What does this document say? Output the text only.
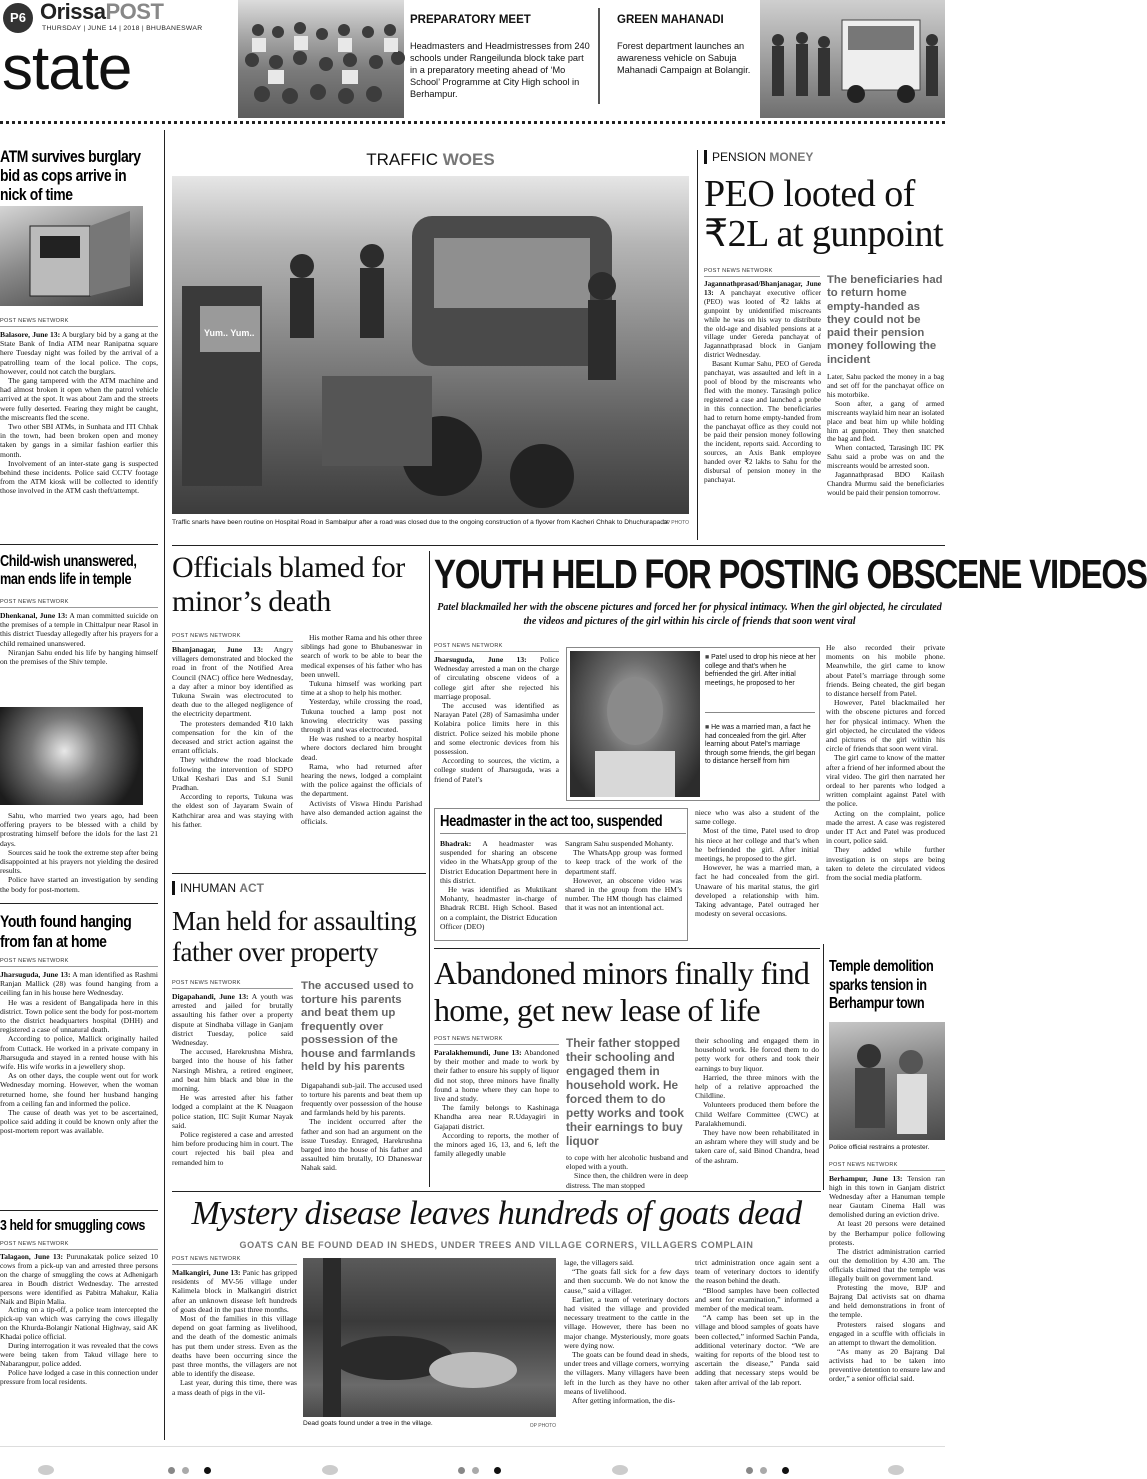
P6 OrissaPOST
THURSDAY | JUNE 14 | 2018 | BHUBANESWAR
state
PREPARATORY MEET
Headmasters and Headmistresses from 240 schools under Rangeilunda block take part in a preparatory meeting ahead of ‘Mo School’ Programme at City High school in Berhampur.
GREEN MAHANADI
Forest department launches an awareness vehicle on Sabuja Mahanadi Campaign at Bolangir.
ATM survives burglary bid as cops arrive in nick of time
POST NEWS NETWORK

Balasore, June 13: A burglary bid by a gang at the State Bank of India ATM near Ranipatna square here Tuesday night was foiled by the arrival of a patrolling team of the local police. The cops, however, could not catch the burglars.

The gang tampered with the ATM machine and had almost broken it open when the patrol vehicle arrived at the spot. It was about 2am and the streets were fully deserted. Fearing they might be caught, the miscreants fled the scene.

Two other SBI ATMs, in Sunhata and ITI Chhak in the town, had been broken open and money taken by gangs in a similar fashion earlier this month.

Involvement of an inter-state gang is suspected behind these incidents. Police said CCTV footage from the ATM kiosk will be collected to identify those involved in the ATM cash theft/attempt.

Child-wish unanswered, man ends life in temple
POST NEWS NETWORK

Dhenkanal, June 13: A man committed suicide on the premises of a temple in Chittalpur near Rasol in this district Tuesday allegedly after his prayers for a child remained unanswered.

Niranjan Sahu ended his life by hanging himself on the premises of the Shiv temple.

Sahu, who married two years ago, had been offering prayers to be blessed with a child by prostrating himself before the idols for the last 21 days.

Sources said he took the extreme step after being disappointed at his prayers not yielding the desired results.

Police have started an investigation by sending the body for post-mortem.

Youth found hanging from fan at home
POST NEWS NETWORK

Jharsuguda, June 13: A man identified as Rashmi Ranjan Mallick (28) was found hanging from a ceiling fan in his house here Wednesday.

He was a resident of Bangalipada here in this district. Town police sent the body for post-mortem to the district headquarters hospital (DHH) and registered a case of unnatural death.

According to police, Mallick originally hailed from Cuttack. He worked in a private company in Jharsuguda and stayed in a rented house with his wife. His wife works in a jewellery shop.

As on other days, the couple went out for work Wednesday morning. However, when the woman returned home, she found her husband hanging from a ceiling fan and informed the police.

The cause of death was yet to be ascertained, police said adding it could be known only after the post-mortem report was available.

3 held for smuggling cows
POST NEWS NETWORK

Talagaon, June 13: Purunakatak police seized 10 cows from a pick-up van and arrested three persons on the charge of smuggling the cows at Adhenigarh area in Boudh district Wednesday. The arrested persons were identified as Pabitra Mahakur, Kalia Naik and Bipin Malia.

Acting on a tip-off, a police team intercepted the pick-up van which was carrying the cows illegally on the Khurda-Bolangir National Highway, said AK Khadai police official.

During interrogation it was revealed that the cows were being taken from Takud village here to Nabarangpur, police added.

Police have lodged a case in this connection under pressure from local residents.

TRAFFIC WOES
Yum.. Yum..
Traffic snarls have been routine on Hospital Road in Sambalpur after a road was closed due to the ongoing construction of a flyover from Kacheri Chhak to Dhuchurapada.
OP PHOTO
PENSION MONEY
PEO looted of
₹2L at gunpoint
POST NEWS NETWORK

Jagannathprasad/Bhanjanagar, June 13: A panchayat executive officer (PEO) was looted of ₹2 lakhs at gunpoint by unidentified miscreants while he was on his way to distribute the old-age and disabled pensions at a village under Gereda panchayat of Jagannathprasad block in Ganjam district Wednesday.

Basant Kumar Sahu, PEO of Gereda panchayat, was assaulted and left in a pool of blood by the miscreants who fled with the money. Tarasingh police registered a case and launched a probe in this connection. The beneficiaries had to return home empty-handed from the panchayat office as they could not be paid their pension money following the incident, reports said. According to sources, an Axis Bank employee handed over ₹2 lakhs to Sahu for the disbursal of pension money in the panchayat.

The beneficiaries had to return home empty-handed as they could not be paid their pension money following the incident

Later, Sahu packed the money in a bag and set off for the panchayat office on his motorbike.

Soon after, a gang of armed miscreants waylaid him near an isolated place and beat him up while holding him at gunpoint. They then snatched the bag and fled.

When contacted, Tarasingh IIC PK Sahu said a probe was on and the miscreants would be arrested soon.

Jagannathprasad BDO Kailash Chandra Murmu said the beneficiaries would be paid their pension tomorrow.

Officials blamed for minor’s death
POST NEWS NETWORK

Bhanjanagar, June 13: Angry villagers demonstrated and blocked the road in front of the Notified Area Council (NAC) office here Wednesday, a day after a minor boy identified as Tukuna Swain was electrocuted to death due to the alleged negligence of the electricity department.

The protesters demanded ₹10 lakh compensation for the kin of the deceased and strict action against the errant officials.

They withdrew the road blockade following the intervention of SDPO Utkal Keshari Das and S.I Sunil Pradhan.

According to reports, Tukuna was the eldest son of Jayaram Swain of Kathchirar area and was staying with his father.

His mother Rama and his other three siblings had gone to Bhubaneswar in search of work to be able to bear the medical expenses of his father who has been unwell.

Tukuna himself was working part time at a shop to help his mother.

Yesterday, while crossing the road, Tukuna touched a lamp post not knowing electricity was passing through it and was electrocuted.

He was rushed to a nearby hospital where doctors declared him brought dead.

Rama, who had returned after hearing the news, lodged a complaint with the police against the officials of the department.

Activists of Viswa Hindu Parishad have also demanded action against the officials.

INHUMAN ACT
Man held for assaulting father over property
POST NEWS NETWORK

Digapahandi, June 13: A youth was arrested and jailed for brutally assaulting his father over a property dispute at Sindhaba village in Ganjam district Tuesday, police said Wednesday.

The accused, Harekrushna Mishra, barged into the house of his father Narsingh Mishra, a retired engineer, and beat him black and blue in the morning.

He was arrested after his father lodged a complaint at the K Nuagaon police station, IIC Sujit Kumar Nayak said.

Police registered a case and arrested him before producing him in court. The court rejected his bail plea and remanded him to

The accused used to torture his parents and beat them up frequently over possession of the house and farmlands held by his parents

Digapahandi sub-jail. The accused used to torture his parents and beat them up frequently over possession of the house and farmlands held by his parents.

The incident occurred after the father and son had an argument on the issue Tuesday. Enraged, Harekrushna barged into the house of his father and assaulted him brutally, IO Dhaneswar Nahak said.

YOUTH HELD FOR POSTING OBSCENE VIDEOS
Patel blackmailed her with the obscene pictures and forced her for physical intimacy. When the girl objected, he circulated the videos and pictures of the girl within his circle of friends that soon went viral
POST NEWS NETWORK

Jharsuguda, June 13: Police Wednesday arrested a man on the charge of circulating obscene videos of a college girl after she rejected his marriage proposal.

The accused was identified as Narayan Patel (28) of Samasimha under Kolabira police limits here in this district. Police seized his mobile phone and some electronic devices from his possession.

According to sources, the victim, a college student of Jharsuguda, was a friend of Patel’s

■ Patel used to drop his niece at her college and that’s when he befriended the girl. After initial meetings, he proposed to her
■ He was a married man, a fact he had concealed from the girl. After learning about Patel’s marriage through some friends, the girl began to distance herself from him

niece who was also a student of the same college.

Most of the time, Patel used to drop his niece at her college and that’s when he befriended the girl. After initial meetings, he proposed to the girl.

However, he was a married man, a fact he had concealed from the girl. Unaware of his marital status, the girl developed a relationship with him. Taking advantage, Patel outraged her modesty on several occasions.

He also recorded their private moments on his mobile phone. Meanwhile, the girl came to know about Patel’s marriage through some friends. Being cheated, the girl began to distance herself from Patel.

However, Patel blackmailed her with the obscene pictures and forced her for physical intimacy. When the girl objected, he circulated the videos and pictures of the girl within his circle of friends that soon went viral.

The girl came to know of the matter after a friend of her informed about the viral video. The girl then narrated her ordeal to her parents who lodged a written complaint against Patel with the police.

Acting on the complaint, police made the arrest. A case was registered under IT Act and Patel was produced in court, police said.

They added while further investigation is on steps are being taken to delete the circulated videos from the social media platform.

Headmaster in the act too, suspended

Bhadrak: A headmaster was suspended for sharing an obscene video in the WhatsApp group of the District Education Department here in this district.

He was identified as Muktikant Mohanty, headmaster in-charge of Bhadrak RCBL High School. Based on a complaint, the District Education Officer (DEO)

Sangram Sahu suspended Mohanty.

The WhatsApp group was formed to keep track of the work of the department staff.

However, an obscene video was shared in the group from the HM’s number. The HM though has claimed that it was not an intentional act.

Abandoned minors finally find home, get new lease of life
POST NEWS NETWORK

Paralakhemundi, June 13: Abandoned by their mother and made to work by their father to ensure his supply of liquor did not stop, three minors have finally found a home where they can hope to live and study.

The family belongs to Kashinaga Khandha area near R.Udayagiri in Gajapati district.

According to reports, the mother of the minors aged 16, 13, and 6, left the family allegedly unable

Their father stopped their schooling and engaged them in household work. He forced them to do petty works and took their earnings to buy liquor

to cope with her alcoholic husband and eloped with a youth.

Since then, the children were in deep distress. The man stopped

their schooling and engaged them in household work. He forced them to do petty work for others and took their earnings to buy liquor.

Harried, the three minors with the help of a relative approached the Childline.

Volunteers produced them before the Child Welfare Committee (CWC) at Paralakhemundi.

They have now been rehabilitated in an ashram where they will study and be taken care of, said Binod Chandra, head of the ashram.

Temple demolition sparks tension in Berhampur town
Police official restrains a protester.
POST NEWS NETWORK

Berhampur, June 13: Tension ran high in this town in Ganjam district Wednesday after a Hanuman temple near Gautam Cinema Hall was demolished during an eviction drive.

At least 20 persons were detained by the Berhampur police following protests.

The district administration carried out the demolition by 4.30 am. The officials claimed that the temple was illegally built on government land.

Protesting the move, BJP and Bajrang Dal activists sat on dharna and held demonstrations in front of the temple.

Protesters raised slogans and engaged in a scuffle with officials in an attempt to thwart the demolition.

“As many as 20 Bajrang Dal activists had to be taken into preventive detention to ensure law and order,” a senior official said.

Mystery disease leaves hundreds of goats dead
GOATS CAN BE FOUND DEAD IN SHEDS, UNDER TREES AND VILLAGE CORNERS, VILLAGERS COMPLAIN
POST NEWS NETWORK

Malkangiri, June 13: Panic has gripped residents of MV-56 village under Kalimela block in Malkangiri district after an unknown disease left hundreds of goats dead in the past three months.

Most of the families in this village depend on goat farming as livelihood, and the death of the domestic animals has put them under stress. Even as the deaths have been occurring since the past three months, the villagers are not able to identify the disease.

Last year, during this time, there was a mass death of pigs in the vil-

Dead goats found under a tree in the village.	OP PHOTO

lage, the villagers said.

“The goats fall sick for a few days and then succumb. We do not know the cause,” said a villager.

Earlier, a team of veterinary doctors had visited the village and provided necessary treatment to the cattle in the village. However, there has been no major change. Mysteriously, more goats were dying now.

The goats can be found dead in sheds, under trees and village corners, worrying the villagers. Many villagers have been left in the lurch as they have no other means of livelihood.

After getting information, the dis-

trict administration once again sent a team of veterinary doctors to identify the reason behind the death.

“Blood samples have been collected and sent for examination,” informed a member of the medical team.

“A camp has been set up in the village and blood samples of goats have been collected,” informed Sachin Panda, additional veterinary doctor. “We are waiting for reports of the blood test to ascertain the disease,” Panda said adding that necessary steps would be taken after arrival of the lab report.
